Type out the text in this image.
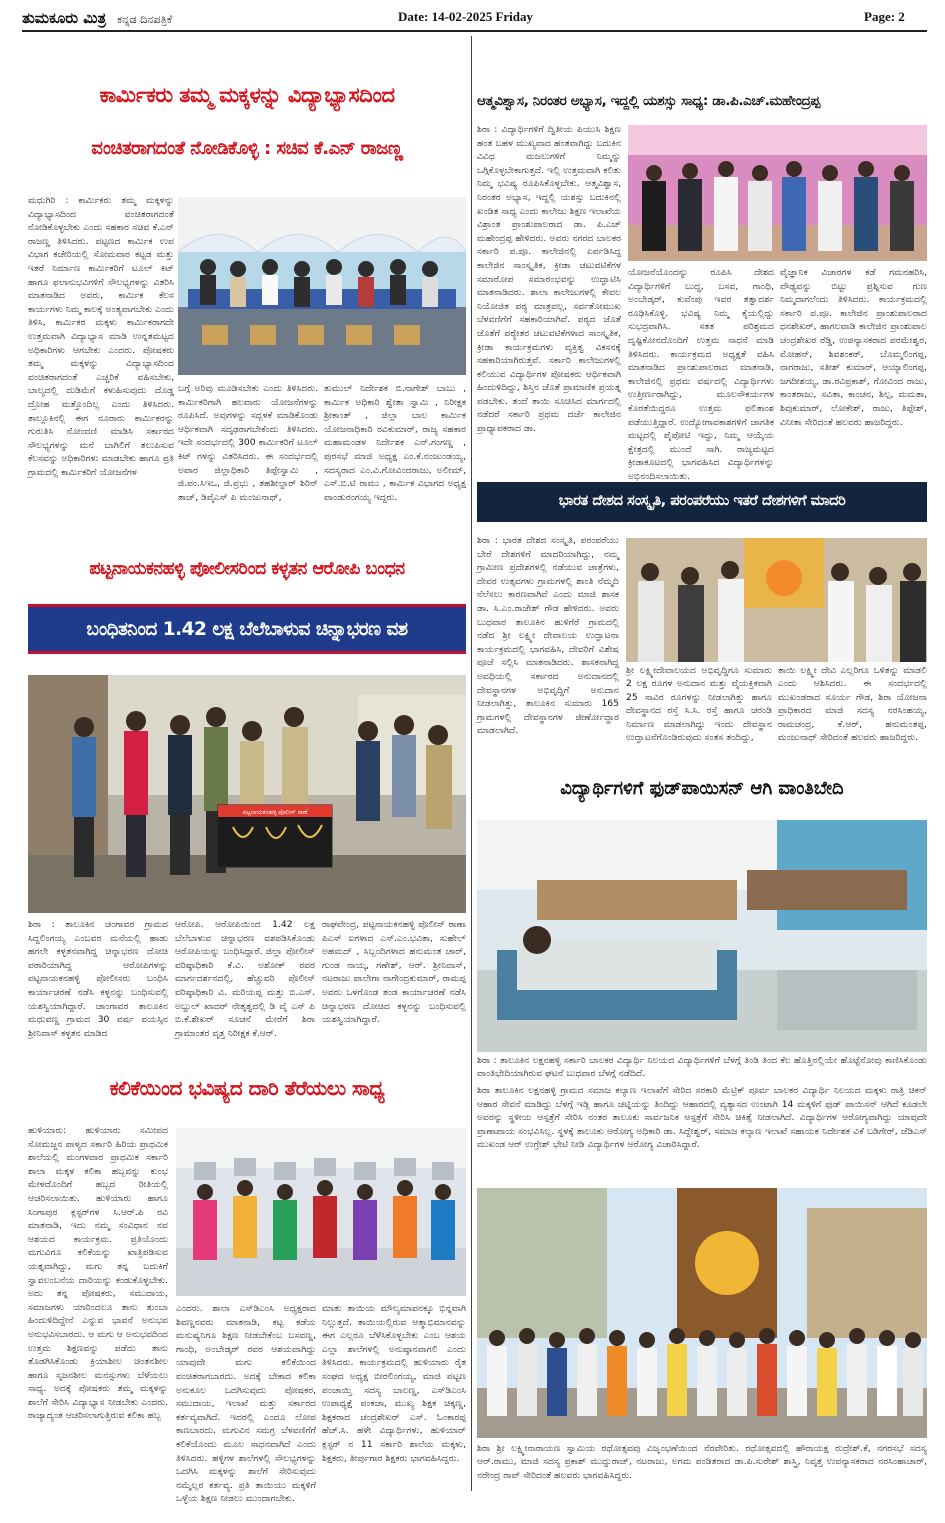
ತುಮಕೂರು ಮಿತ್ರ ಕನ್ನಡ ದಿನಪತ್ರಿಕೆ	Date: 14-02-2025 Friday	Page: 2
ಕಾರ್ಮಿಕರು ತಮ್ಮ ಮಕ್ಕಳನ್ನು ವಿದ್ಯಾಭ್ಯಾಸದಿಂದ
ವಂಚಿತರಾಗದಂತೆ ನೋಡಿಕೊಳ್ಳಿ : ಸಚಿವ ಕೆ.ಎನ್ ರಾಜಣ್ಣ
ಮಧುಗಿರಿ : ಕಾರ್ಮಿಕರು ತಮ್ಮ ಮಕ್ಕಳನ್ನು ವಿದ್ಯಾಭ್ಯಾಸದಿಂದ ವಂಚಿತರಾಗದಂತೆ ನೋಡಿಕೊಳ್ಳಬೇಕು ಎಂದು ಸಹಕಾರ ಸಚಿವ ಕೆ.ಎನ್ ರಾಜಣ್ಣ ತಿಳಿಸಿದರು. ಪಟ್ಟಣದ ಕಾರ್ಮಿಕ ಉಪ ವಿಭಾಗ ಕಚೇರಿಯಲ್ಲಿ ಸೋಮವಾರ ಕಟ್ಟಡ ಮತ್ತು ಇತರೆ ನಿರ್ಮಾಣ ಕಾರ್ಮಿಕರಿಗೆ ಟೂಲ್ ಕಿಟ್ ಹಾಗೂ ಫಲಾನುಭವಿಗಳಿಗೆ ಸೌಲಭ್ಯಗಳನ್ನು ವಿತರಿಸಿ ಮಾತನಾಡಿದ ಅವರು, ಕಾರ್ಮಿಕ ಕೆಲಸ ಕಾರ್ಯಗಳು ನಿಮ್ಮ ಕಾಲಕ್ಕೆ ಅಂತ್ಯವಾಗಬೇಕು ಎಂದು ತಿಳಿಸಿ, ಕಾರ್ಮಿಕರ ಮಕ್ಕಳು ಕಾರ್ಮಿಕರಾಗದೇ ಉತ್ತಮವಾಗಿ ವಿದ್ಯಾಭ್ಯಾಸ ಮಾಡಿ ಉನ್ನತಮಟ್ಟದ ಅಧಿಕಾರಿಗಳು ಆಗಬೇಕು ಎಂದರು. ಪೋಷಕರು ತಮ್ಮ ಮಕ್ಕಳನ್ನು ವಿದ್ಯಾಭ್ಯಾಸದಿಂದ ವಂಚಿತರಾಗದಂತೆ ಎಚ್ಚರಿಕೆ ವಹಿಸಬೇಕು, ಬಾಲ್ಯದಲ್ಲಿ ದುಡಿಮೆಗೆ ಕಳುಹಿಸುವುದು ದೊಡ್ಡ ದ್ರೋಹ ಮತ್ತೊಂದಿಲ್ಲ ಎಂದು ತಿಳಿಸಿದರು. ತಾಲ್ಲೂಕಿನಲ್ಲಿ ಈಗ ನೂರಾರು ಕಾರ್ಮಿಕರನ್ನು ಗುರುತಿಸಿ ನೋಂದಣಿ ಮಾಡಿಸಿ ಸರ್ಕಾರದ ಸೌಲಭ್ಯಗಳನ್ನು ಮನೆ ಬಾಗಿಲಿಗೆ ತಲುಪಿಸುವ ಕೆಲಸವನ್ನು ಅಧಿಕಾರಿಗಳು ಮಾಡಬೇಕು ಹಾಗೂ ಪ್ರತಿ ಗ್ರಾಮದಲ್ಲಿ ಕಾರ್ಮಿಕರಿಗೆ ಯೋಜನೆಗಳ
ಬಗ್ಗೆ ಅರಿವು ಮೂಡಿಸಬೇಕು ಎಂದು ತಿಳಿಸಿದರು. ಕಾರ್ಮಿಕರಿಗಾಗಿ ಹಲವಾರು ಯೋಜನೆಗಳನ್ನು ರೂಪಿಸಿದೆ. ಅವುಗಳನ್ನು ಸದ್ಬಳಕೆ ಮಾಡಿಕೊಂಡು ಆರ್ಥಿಕವಾಗಿ ಸದೃಢರಾಗಬೇಕೆಂದು ತಿಳಿಸಿದರು. ಇದೇ ಸಂದರ್ಭದಲ್ಲಿ 300 ಕಾರ್ಮಿಕರಿಗೆ ಟೂಲ್ ಕಿಟ್ ಗಳನ್ನು ವಿತರಿಸಿದರು. ಈ ಸಂದರ್ಭದಲ್ಲಿ ಅಪಾರ ಜಿಲ್ಲಾಧಿಕಾರಿ ತಿಪ್ಪೇಸ್ವಾಮಿ , ಜಿ.ಪಂ.ಸಿಇಒ, ಜಿ.ಪ್ರಭು , ತಹಶೀಲ್ದಾರ್ ಶಿರಿನ್ ತಾಜ್, ಡಿವೈಎಸ್ ಪಿ ಮಂಜುನಾಥ್,
ತುಮುಲ್ ನಿರ್ದೇಶಕ ಬಿ.ನಾಗೇಶ್ ಬಾಬು , ಕಾರ್ಮಿಕ ಅಧಿಕಾರಿ ಶ್ವೇತಾ ಸ್ವಾಮಿ , ನಿರೀಕ್ಷಕ ಶ್ರೀಕಾಂತ್ , ಜಿಲ್ಲಾ ಬಾಲ ಕಾರ್ಮಿಕ ಯೋಜನಾಧಿಕಾರಿ ರವಿಕುಮಾರ್, ರಾಜ್ಯ ಸಹಕಾರ ಮಹಾಮಂಡಳ ನಿರ್ದೇಶಕ ಎನ್.ಗಂಗಣ್ಣ , ಪುರಸಭೆ ಮಾಜಿ ಅಧ್ಯಕ್ಷ ಎಂ.ಕೆ.ನಂಜುಂಡಯ್ಯ, ಸದಸ್ಯರಾದ ಎಂ.ವಿ.ಗೋವಿಂದರಾಜು, ಅಲೀಮ್, ಎಸ್.ಬಿ.ಟಿ ರಾಮು , ಕಾರ್ಮಿಕ ವಿಭಾಗದ ಅಧ್ಯಕ್ಷ ಪಾಂಡುರಂಗಯ್ಯ ಇದ್ದರು.
ಪಟ್ಟನಾಯಕನಹಳ್ಳಿ ಪೋಲೀಸರಿಂದ ಕಳ್ಳತನ ಆರೋಪಿ ಬಂಧನ
ಬಂಧಿತನಿಂದ 1.42 ಲಕ್ಷ ಬೆಲೆಬಾಳುವ ಚಿನ್ನಾಭರಣ ವಶ
ಪಟ್ಟನಾಯಕನಹಳ್ಳಿ ಪೊಲೀಸ್ ಠಾಣೆ
ಶಿರಾ : ತಾಲೂಕಿನ ಚಂಗಾವರ ಗ್ರಾಮದ ಸಿದ್ದಲಿಂಗಯ್ಯ ಎಂಬವರ ಮನೆಯಲ್ಲಿ ಹಾಡು ಹಗಲೇ ಕಳ್ಳತನವಾಗಿದ್ದ ಚಿನ್ನಾಭರಣ ದೋಚಿ ಪರಾರಿಯಾಗಿದ್ದ ಆರೋಪಿಗಳನ್ನು ಪಟ್ಟನಾಯಕನಹಳ್ಳಿ ಪೋಲೀಸರು ಬಂಧಿಸಿ ಕಾರ್ಯಾಚರಣೆ ನಡೆಸಿ ಕಳ್ಳನನ್ನು ಬಂಧಿಸುವಲ್ಲಿ ಯಶಸ್ವಿಯಾಗಿದ್ದಾರೆ. ಚಾಂಗಾವರ ತಾಲೂಕಿನ ಮಧುವಣ್ಣ ಗ್ರಾಮದ 30 ವರ್ಷ ವಯಸ್ಸಿನ ಶ್ರೀನಿವಾಸ್ ಕಳ್ಳತನ ಮಾಡಿದ
ಆರೋಪಿ. ಆರೋಪಿಯಿಂದ 1.42 ಲಕ್ಷ ಬೆಲೆಬಾಳುವ ಚಿನ್ನಾಭರಣ ವಶಪಡಿಸಿಕೊಂಡು ಆರೋಪಿಯನ್ನು ಬಂಧಿಸಿದ್ದಾರೆ. ಜಿಲ್ಲಾ ಪೋಲೀಸ್ ವರಿಷ್ಠಾಧಿಕಾರಿ ಕೆ.ವಿ. ಅಶೋಕ್ ರವರ ಮಾರ್ಗದರ್ಶನದಲ್ಲಿ, ಹೆಚ್ಚುವರಿ ಪೊಲೀಸ್ ವರಿಷ್ಠಾಧಿಕಾರಿ ವಿ. ಮರಿಯಪ್ಪ ಮತ್ತು ಬಿ.ಎಸ್. ಅಬ್ದುಲ್ ಖಾದರ್ ನೇತೃತ್ವದಲ್ಲಿ ಡಿ ವೈ ಎಸ್ ಪಿ ಬಿ.ಕೆ.ಶೇಖರ್ ಸೂಚನೆ ಮೇರೆಗೆ ಶಿರಾ ಗ್ರಾಮಾಂತರ ವೃತ್ತ ನಿರೀಕ್ಷಕ ಕೆ.ಆರ್.
ರಾಘವೇಂದ್ರ, ಪಟ್ಟನಾಯಕನಹಳ್ಳಿ ಪೊಲೀಸ್ ಠಾಣಾ ಪಿಎಸ್ ಐಗಳಾದ ಎಸ್.ಎಂ.ಭವಿತಾ, ಸುಹೇಲ್ ಅಹಮದ್ , ಸಿಬ್ಬಂದಿಗಳಾದ ಹನುಮಂತ ಚಾರ್, ಗುಂಡ ನಾಯ್ಕ, ಗಣೇಶ್, ಆರ್. ಶ್ರೀನಿವಾಸ್, ನಟರಾಜು ಪಾಲೇಗಾ ನಾಗೇಂದ್ರಕುಮಾರ್, ರಾಮಪ್ಪ ಅವರು ಒಳಗೊಂಡ ತಂಡ ಕಾರ್ಯಾಚರಣೆ ನಡೆಸಿ ಚಿನ್ನಾಭರಣ ದೋಚಿದ ಕಳ್ಳನನ್ನು ಬಂಧಿಸುವಲ್ಲಿ ಯಶಸ್ವಿಯಾಗಿದ್ದಾರೆ.
ಕಲಿಕೆಯಿಂದ ಭವಿಷ್ಯದ ದಾರಿ ತೆರೆಯಲು ಸಾಧ್ಯ
ಹುಳಿಯಾರು: ಹುಳಿಯಾರು ಸಮೀಪದ ಸೋಮಜ್ಜನ ಪಾಳ್ಯದ ಸರ್ಕಾರಿ ಹಿರಿಯ ಪ್ರಾಥಮಿಕ ಶಾಲೆಯಲ್ಲಿ ಮಂಗಳವಾರ ಪ್ರಾಥಮಿಕ ಸರ್ಕಾರಿ ಶಾಲಾ ಮಕ್ಕಳ ಕಲಿಕಾ ಹಬ್ಬವನ್ನು ಕುಂಭ ಮೇಳದೊಂದಿಗೆ ಹಬ್ಬದ ರೀತಿಯಲ್ಲಿ ಆಚರಿಸಲಾಯಿತು. ಹುಳಿಯಾರು ಹಾಗೂ ಸಿಂಗಾಪುರ ಕ್ಲಸ್ಟರ್‌ಗಳ ಸಿ.ಆರ್.ಪಿ ರವಿ ಮಾತನಾಡಿ, ಇದು ನಮ್ಮ ಸಂವಿಧಾನ ನವ ಆಶಯದ ಕಾರ್ಯಕ್ರಮ. ಪ್ರತಿಯೊಂದು ಮಗುವಿಗೂ ಕಲಿಕೆಯನ್ನು ಖಾತ್ರಿಪಡಿಸುವ ಯತ್ನವಾಗಿದ್ದು, ಮಗು ತನ್ನ ಬದುಕಿಗೆ ಸ್ವಾವಲಂಬನೆಯ ದಾರಿಯನ್ನು ಕಂಡುಕೊಳ್ಳಬೇಕು. ಅದು ತನ್ನ ಪೋಷಕರು, ಸಮುದಾಯ, ಸಮಾಜಗಳು ಯಾರಿಂದಲೂ ತಾನು ತುಂಬಾ ಹಿಂದುಳಿದಿದ್ದೇನೆ ಎನ್ನುವ ಭಾವನೆ ಅನುಭವ ಅನುಭವಿಸಬಾರದು. ಆ ಮಗು ಆ ಅನುಭವದಿಂದ ಉತ್ತಮ ಶಿಕ್ಷಣವನ್ನು ಪಡೆದು ತಾನು ತೊಡಗಿಸಿಕೊಂಡು ಕ್ರಿಯಾಶೀಲ ಚಿಂತನಶೀಲ ಹಾಗೂ ಸೃಜನಶೀಲ ಮನಸ್ಸುಗಳು ಬೆಳೆಯಲು ಸಾಧ್ಯ. ಅದಕ್ಕೆ ಪೋಷಕರು ತಮ್ಮ ಮಕ್ಕಳನ್ನು ಶಾಲೆಗೆ ಸೇರಿಸಿ ವಿದ್ಯಾಭ್ಯಾಸ ನೀಡಬೇಕು ಎಂದರು. ರಾಜ್ಯಾದ್ಯಂತ ಆಚರಿಸಲಾಗುತ್ತಿರುವ ಕಲಿಕಾ ಹಬ್ಬ
ಎಂದರು. ಶಾಲಾ ಎಸ್‌ಡಿಎಂಸಿ ಅಧ್ಯಕ್ಷರಾದ ಶಿವಣ್ಣನವರು ಮಾತನಾಡಿ, ಕಟ್ಟ ಕಡೆಯ ಮನುಷ್ಯನಿಗೂ ಶಿಕ್ಷಣ ನೀಡಬೇಕೆಂಬ ಬಸವಣ್ಣ, ಗಾಂಧಿ, ಅಂಬೇಡ್ಕರ್ ರವರ ಆಶಯವಾಗಿದ್ದು ಯಾವುದೇ ಮಗು ಕಲಿಕೆಯಿಂದ ವಂಚಿತರಾಗಬಾರದು. ಅದಕ್ಕೆ ಬೇಕಾದ ಕಲಿಕಾ ಅನುಕೂಲ ಒದಗಿಸುವುದು ಪೋಷಕರ, ಸಮುದಾಯ, ಇಲಾಖೆ ಮತ್ತು ಸರ್ಕಾರದ ಕರ್ತವ್ಯವಾಗಿದೆ. ಇದರಲ್ಲಿ ಎಂದೂ ಲೋಪ ಕಾಣಬಾರದು. ಮಗುವಿನ ಸಮಗ್ರ ಬೆಳವಣಿಗೆಗೆ ಕಲಿಕೆಯೊಂದು ಮೂಲ ಸಾಧನವಾಗಿದೆ ಎಂದು ತಿಳಿಸಿದರು. ಹಳ್ಳಿಗಳ ಶಾಲೆಗಳಲ್ಲಿ ಸೌಲಭ್ಯಗಳನ್ನು ಒದಗಿಸಿ ಮಕ್ಕಳನ್ನು ಶಾಲೆಗೆ ಸೇರಿಸುವುದು ನಮ್ಮೆಲ್ಲರ ಕರ್ತವ್ಯ. ಪ್ರತಿ ತಾಯಿಯು ಮಕ್ಕಳಿಗೆ ಒಳ್ಳೆಯ ಶಿಕ್ಷಣ ನೀಡಲು ಮುಂದಾಗಬೇಕು.
ಮಾತು ತಾಯಿಯ ಮೌಲ್ಯಮಾಪನಕ್ಕೂ ಭಿನ್ನವಾಗಿ ನಿಲ್ಲುತ್ತದೆ. ತಾಯಿಯಲ್ಲಿರುವ ಆತ್ಮಾಭಿಮಾನವನ್ನು ಈಗ ಎಲ್ಲರೂ ಬೆಳೆಸಿಕೊಳ್ಳಬೇಕು ಎಂಬ ಆಶಯ ಎಲ್ಲಾ ಶಾಲೆಗಳಲ್ಲಿ ಅನುಷ್ಠಾನವಾಗಲಿ ಎಂದು ತಿಳಿಸಿದರು. ಕಾರ್ಯಕ್ರಮದಲ್ಲಿ ಹುಳಿಯಾರು ರೈತ ಸಂಘದ ಅಧ್ಯಕ್ಷ ಬೀರಲಿಂಗಯ್ಯ, ಮಾಜಿ ಪಟ್ಟಣ ಪಂಚಾಯ್ತಿ ಸದಸ್ಯ ಬಾಲಣ್ಣ, ಎಸ್‌ಡಿಎಂಸಿ ಉಪಾಧ್ಯಕ್ಷೆ ಪಂಕಜಾ, ಮುಖ್ಯ ಶಿಕ್ಷಕ ಚಿಕ್ಕಣ್ಣ, ಶಿಕ್ಷಕರಾದ ಚಂದ್ರಶೇಖರ್ ಎಸ್. ಓಂಕಾರಪ್ಪ ಹೆಚ್.ಸಿ. ಹಳೇ ವಿದ್ಯಾರ್ಥಿಗಳು, ಹುಳಿಯಾರ್ ಕ್ಲಸ್ಟರ್ ನ 11 ಸರ್ಕಾರಿ ಶಾಲೆಯ ಮಕ್ಕಳು, ಶಿಕ್ಷಕರು, ತೀರ್ಪುಗಾರ ಶಿಕ್ಷಕರು ಭಾಗವಹಿಸಿದ್ದರು.
ಆತ್ಮವಿಶ್ವಾಸ, ನಿರಂತರ ಅಭ್ಯಾಸ, ಇದ್ದಲ್ಲಿ ಯಶಸ್ಸು ಸಾಧ್ಯ: ಡಾ.ಪಿ.ಎಚ್.ಮಹೇಂದ್ರಪ್ಪ
ಶಿರಾ : ವಿದ್ಯಾರ್ಥಿಗಳಿಗೆ ದ್ವಿತೀಯ ಪಿಯುಸಿ ಶಿಕ್ಷಣ ಹಂತ ಬಹಳ ಮುಖ್ಯವಾದ ಹಂತವಾಗಿದ್ದು ಬದುಕಿನ ವಿವಿಧ ಮಜಲುಗಳಿಗೆ ನಿಮ್ಮನ್ನು ಒಗ್ಗಿಕೊಳ್ಳಬೇಕಾಗುತ್ತದೆ. ಇಲ್ಲಿ ಉತ್ತಮವಾಗಿ ಕಲಿತು ನಿಮ್ಮ ಭವಿಷ್ಯ ರೂಪಿಸಿಕೊಳ್ಳಬೇಕು. ಆತ್ಮವಿಶ್ವಾಸ, ನಿರಂತರ ಅಭ್ಯಾಸ, ಇದ್ದಲ್ಲಿ ಯಶಸ್ಸು ಬದುಕಿನಲ್ಲಿ ಖಂಡಿತ ಸಾಧ್ಯ ಎಂದು ಕಾಲೇಜು ಶಿಕ್ಷಣ ಇಲಾಖೆಯ ವಿಶ್ರಾಂತ ಪ್ರಾಂಶುಪಾಲರಾದ ಡಾ. ಪಿ.ಎಚ್ ಮಹೇಂದ್ರಪ್ಪ ಹೇಳಿದರು. ಅವರು ನಗರದ ಬಾಲಕರ ಸರ್ಕಾರಿ ಪ.ಪೂ. ಕಾಲೇಜಿನಲ್ಲಿ ಏರ್ಪಡಿಸಿದ್ದ ಕಾಲೇಜಿನ ಸಾಂಸ್ಕೃತಿಕ, ಕ್ರೀಡಾ ಚಟುವಟಿಕೆಗಳ ಸಮಾರೋಪ ಸಮಾರಂಭವನ್ನು ಉದ್ಘಾಟಿಸಿ ಮಾತನಾಡಿದರು. ಶಾಲಾ ಕಾಲೇಜುಗಳಲ್ಲಿ ಕೇವಲ ನಿಯೋಜಿತ ಪಠ್ಯ ಮಾತ್ರವಲ್ಲ, ಸರ್ವತೋಮುಖ ಬೆಳವಣಿಗೆಗೆ ಸಹಕಾರಿಯಾಗಿವೆ. ಪಠ್ಯದ ಜೊತೆ ಜೊತೆಗೆ ಪಠ್ಯೇತರ ಚಟುವಟಿಕೆಗಳಾದ ಸಾಂಸ್ಕೃತಿಕ, ಕ್ರೀಡಾ ಕಾರ್ಯಕ್ರಮಗಳು ವ್ಯಕ್ತಿತ್ವ ವಿಕಸನಕ್ಕೆ ಸಹಕಾರಿಯಾಗಿರುತ್ತವೆ. ಸರ್ಕಾರಿ ಕಾಲೇಜುಗಳಲ್ಲಿ ಕಲಿಯುವ ವಿದ್ಯಾರ್ಥಿಗಳ ಪೋಷಕರು ಆರ್ಥಿಕವಾಗಿ ಹಿಂದುಳಿದಿದ್ದು, ಶಿಸ್ತಿನ ಜೊತೆ ಪ್ರಾಮಾಣಿಕ ಪ್ರಯತ್ನ ಪಡಬೇಕು. ತಂದೆ ತಾಯಿ ಸೂಚಿಸಿದ ಮಾರ್ಗದಲ್ಲಿ ನಡೆದರೆ ಸರ್ಕಾರಿ ಪ್ರಥಮ ದರ್ಜೆ ಕಾಲೇಜಿನ ಪ್ರಾಧ್ಯಾಪಕರಾದ ಡಾ.
ಯೋಜನೆಯೊಂದನ್ನು ರೂಪಿಸಿ ದೇಶದ ವಿದ್ಯಾರ್ಥಿಗಳಿಗೆ ಬುದ್ಧ, ಬಸವ, ಗಾಂಧಿ, ಅಂಬೇಡ್ಕರ್, ಕುವೆಂಪು ಇವರ ತತ್ವಾದರ್ಶ ರೂಢಿಸಿಕೊಳ್ಳಿ. ಭವಿಷ್ಯ ನಿಮ್ಮ ಕೈಯಲ್ಲಿದ್ದು ಸುಭದ್ರವಾಗಿಸಿ. ಸತತ ಪರಿಶ್ರಮದ ದೃಷ್ಟಿಕೋನದೊಂದಿಗೆ ಉತ್ತಮ ಸಾಧನೆ ಮಾಡಿ ತಿಳಿಸಿದರು. ಕಾರ್ಯಕ್ರಮದ ಅಧ್ಯಕ್ಷತೆ ವಹಿಸಿ ಮಾತನಾಡಿದ ಪ್ರಾಂಶುಪಾಲರಾದ ಮಾತನಾಡಿ, ಕಾಲೇಜಿನಲ್ಲಿ ಪ್ರಥಮ ವರ್ಷದಲ್ಲಿ ವಿದ್ಯಾರ್ಥಿಗಳು ಉತ್ತೀರ್ಣರಾಗಿದ್ದು, ಮೂಲಸೌಕರ್ಯಗಳ ಕೊರತೆಯಿದ್ದರೂ ಉತ್ತಮ ಫಲಿತಾಂಶ ಪಡೆಯುತ್ತಿದ್ದಾರೆ. ಉದ್ಯೋಗಾವಕಾಶಗಳಿಗೆ ಜಾಗತಿಕ ಮಟ್ಟದಲ್ಲಿ ಪೈಪೋಟಿ ಇದ್ದು, ನಿಮ್ಮ ಆಯ್ಕೆಯ ಕ್ಷೇತ್ರದಲ್ಲಿ ಮುಂದೆ ಸಾಗಿ. ರಾಜ್ಯಮಟ್ಟದ ಕ್ರೀಡಾಕೂಟದಲ್ಲಿ ಭಾಗವಹಿಸಿದ ವಿದ್ಯಾರ್ಥಿಗಳನ್ನು ಅಭಿನಂದಿಸಲಾಯಿತು.
ವೈಜ್ಞಾನಿಕ ವಿಚಾರಗಳ ಕಡೆ ಗಮನಹರಿಸಿ, ವೌಢ್ಯವನ್ನು ಬಿಟ್ಟು ಪ್ರಶ್ನಿಸುವ ಗುಣ ನಿಮ್ಮದಾಗಲೆಂದು ತಿಳಿಸಿದರು. ಕಾರ್ಯಕ್ರಮದಲ್ಲಿ ಸರ್ಕಾರಿ ಪ.ಪೂ. ಕಾಲೇಜಿನ ಪ್ರಾಂಶುಪಾಲರಾದ ಧನಶೇಖರ್, ಹಾಗಲವಾಡಿ ಕಾಲೇಜಿನ ಪ್ರಾಂಶುಪಾಲ ಚಂದ್ರಶೇಖರ ರೆಡ್ಡಿ, ಉಪನ್ಯಾಸಕರಾದ ಪರಮೇಶ್ವರ, ಮೋಹನ್, ಶಿವಶಂಕರ್, ಬೊಮ್ಮಲಿಂಗಪ್ಪ, ನಾಗರಾಜು, ಸತೀಶ್ ಕುಮಾರ್, ಆಯ್ಯಾಲಿಂಗಪ್ಪ, ಜಗದೀಶಯ್ಯ, ಡಾ.ರವಿಪ್ರಕಾಶ್, ಗೋವಿಂದ ರಾಜು, ಕಾಂತರಾಜು, ಸವಿತಾ, ಕಾಂಚನ, ಶಿಲ್ಪ, ಮಮತಾ, ಶಿವುಕುಮಾರ್, ಲೋಕೇಶ್, ರಾಜು, ತಿಪ್ಪೇಶ್, ವಿನೀತಾ ಸೇರಿದಂತೆ ಹಲವರು ಹಾಜರಿದ್ದರು.
ಭಾರತ ದೇಶದ ಸಂಸ್ಕೃತಿ, ಪರಂಪರೆಯು ಇತರೆ ದೇಶಗಳಿಗೆ ಮಾದರಿ
ಶಿರಾ : ಭಾರತ ದೇಶದ ಸಂಸ್ಕೃತಿ, ಪರಂಪರೆಯು ಬೇರೆ ದೇಶಗಳಿಗೆ ಮಾದರಿಯಾಗಿದ್ದು, ನಮ್ಮ ಗ್ರಾಮೀಣ ಪ್ರದೇಶಗಳಲ್ಲಿ ನಡೆಯುವ ಜಾತ್ರೆಗಳು, ದೇವರ ಉತ್ಸವಗಳು ಗ್ರಾಮಗಳಲ್ಲಿ ಶಾಂತಿ ನೆಮ್ಮದಿ ನೆಲೆಸಲು ಕಾರಣವಾಗಿವೆ ಎಂದು ಮಾಜಿ ಶಾಸಕ ಡಾ. ಸಿ.ಎಂ.ರಾಜೇಶ್ ಗೌಡ ಹೇಳಿದರು. ಅವರು ಬುಧವಾರ ತಾಲೂಕಿನ ಹುಳಿಗೆರೆ ಗ್ರಾಮದಲ್ಲಿ ನಡೆದ ಶ್ರೀ ಲಕ್ಷ್ಮೀ ದೇವಾಲಯ ಉದ್ಘಾಟನಾ ಕಾರ್ಯಕ್ರಮದಲ್ಲಿ ಭಾಗವಹಿಸಿ, ದೇವರಿಗೆ ವಿಶೇಷ ಪೂಜೆ ಸಲ್ಲಿಸಿ ಮಾತನಾಡಿದರು. ಶಾಸಕನಾಗಿದ್ದ ಅವಧಿಯಲ್ಲಿ ಸರ್ಕಾರದ ಅನುದಾನದಲ್ಲಿ ದೇವಸ್ಥಾನಗಳ ಅಭಿವೃದ್ಧಿಗೆ ಅನುದಾನ ನೀಡಲಾಗಿತ್ತು, ತಾಲೂಕಿನ ಸುಮಾರು 165 ಗ್ರಾಮಗಳಲ್ಲಿ ದೇವಸ್ಥಾನಗಳ ಜೀರ್ಣೋದ್ಧಾರ ಮಾಡಲಾಗಿದೆ.
ಶ್ರೀ ಲಕ್ಷ್ಮೀದೇವಾಲಯದ ಅಭಿವೃದ್ಧಿಗೂ ಸುಮಾರು 2 ಲಕ್ಷ ರೂಗಳ ಅನುದಾನ ಮತ್ತು ವೈಯಕ್ತಿಕವಾಗಿ 25 ಸಾವಿರ ರೂಗಳನ್ನು ನೀಡಲಾಗಿತ್ತು ಹಾಗೂ ದೇವಸ್ಥಾನದ ರಸ್ತೆ ಸಿ.ಸಿ. ರಸ್ತೆ ಹಾಗೂ ಚರಂಡಿ ನಿರ್ಮಾಣ ಮಾಡಲಾಗಿದ್ದು ಇಂದು ದೇವಸ್ಥಾನ ಉದ್ಘಾಟನೆಗೊಂಡಿರುವುದು ಸಂತಸ ತಂದಿದ್ದು,
ತಾಯಿ ಲಕ್ಷ್ಮೀ ದೇವಿ ಎಲ್ಲರಿಗೂ ಒಳಿತನ್ನು ಮಾಡಲಿ ಎಂದು ಆಶಿಸಿದರು. ಈ ಸಂದರ್ಭದಲ್ಲಿ ಮುಖಂಡರಾದ ಸೂರ್ಯ ಗೌಡ, ಶಿರಾ ಯೋಜನಾ ಪ್ರಾಧಿಕಾರದ ಮಾಜಿ ಸದಸ್ಯ ನರಸಿಂಹಯ್ಯ, ರಾಮಚಂದ್ರ, ಕೆ.ಆರ್, ಹನುಮಂತಪ್ಪ, ಮಂಜುನಾಥ್ ಸೇರಿದಂತೆ ಹಲವರು ಹಾಜರಿದ್ದರು.
ವಿದ್ಯಾರ್ಥಿಗಳಿಗೆ ಫುಡ್‌ಪಾಯಿಸನ್ ಆಗಿ ವಾಂತಿಬೇದಿ
ಶಿರಾ : ತಾಲೂಕಿನ ಲಕ್ಷನಹಳ್ಳಿ ಸರ್ಕಾರಿ ಬಾಲಕರ ವಿದ್ಯಾರ್ಥಿ ನಿಲಯದ ವಿದ್ಯಾರ್ಥಿಗಳಿಗೆ ಬೆಳಗ್ಗೆ ತಿಂಡಿ ತಿಂದ ಕೆಲ ಹೊತ್ತಿನಲ್ಲಿಯೇ ಹೊಟ್ಟೆನೋವು ಕಾಣಿಸಿಕೊಂಡು ವಾಂತಿಭೇದಿಯಾಗಿರುವ ಘಟನೆ ಬುಧವಾರ ಬೆಳಗ್ಗೆ ನಡೆದಿದೆ.
ಶಿರಾ ತಾಲೂಕಿನ ಲಕ್ಷನಹಳ್ಳಿ ಗ್ರಾಮದ ಸಮಾಜ ಕಲ್ಯಾಣ ಇಲಾಖೆಗೆ ಸೇರಿದ ಸರಕಾರಿ ಮೆಟ್ರಿಕ್ ಪೂರ್ವ ಬಾಲಕರ ವಿದ್ಯಾರ್ಥಿ ನಿಲಯದ ಮಕ್ಕಳು ರಾತ್ರಿ ಚಿಕನ್ ಆಹಾರ ಸೇವನೆ ಮಾಡಿದ್ದು ಬೆಳಗ್ಗೆ ಇಡ್ಲಿ ಹಾಗೂ ಚಟ್ನಿಯನ್ನು ತಿಂದಿದ್ದು ಆಹಾರದಲ್ಲಿ ವ್ಯತ್ಯಾಸದ ಉಂಟಾಗಿ 14 ಮಕ್ಕಳಿಗೆ ಫುಡ್ ಪಾಯಿಸನ್ ಆಗಿದೆ ಕೂಡಲೇ ಅವರನ್ನು ಸ್ಥಳೀಯ ಆಸ್ಪತ್ರೆಗೆ ಸೇರಿಸಿ ನಂತರ ತಾಲೂಕು ಸಾರ್ವಜನಿಕ ಆಸ್ಪತ್ರೆಗೆ ಸೇರಿಸಿ ಚಿಕಿತ್ಸೆ ನೀಡಲಾಗಿದೆ. ವಿದ್ಯಾರ್ಥಿಗಳ ಆರೋಗ್ಯವಾಗಿದ್ದು ಯಾವುದೇ ಪ್ರಾಣಾಪಾಯ ಸಂಭವಿಸಿಲ್ಲ. ಸ್ಥಳಕ್ಕೆ ತಾಲೂಕು ಆರೋಗ್ಯ ಅಧಿಕಾರಿ ಡಾ. ಸಿದ್ದೇಶ್ವರ್, ಸಮಾಜ ಕಲ್ಯಾಣ ಇಲಾಖೆ ಸಹಾಯಕ ನಿರ್ದೇಶಕ ವಿಕೆ ಬಡಿಗೇರ್, ಜೆಡಿಎಸ್ ಮುಖಂಡ ಆರ್ ಉಗ್ರೇಶ್ ಭೇಟಿ ನೀಡಿ ವಿದ್ಯಾರ್ಥಿಗಳ ಆರೋಗ್ಯ ವಿಚಾರಿಸಿದ್ದಾರೆ.
ಶಿರಾ ಶ್ರೀ ಲಕ್ಷ್ಮೀನಾರಾಯಣ ಸ್ವಾಮಿಯ ರಥೋತ್ಸವವು ವಿಜೃಂಭಣೆಯಿಂದ ನೆರವೇರಿತು. ರಥೋತ್ಸವದಲ್ಲಿ ಹೌರಾಯಕ್ಷ ರುದ್ರೇಶ್.ಕೆ, ನಗರಸಭೆ ಸದಸ್ಯ ಆರ್.ರಾಮು, ಮಾಜಿ ಸದಸ್ಯ ಪ್ರಕಾಶ್ ಮುದ್ದುರಾಜ್, ನಟರಾಜು, ಅಗಮ ಪಂಡಿತರಾದ ಡಾ.ಪಿ.ಸುರೇಶ್ ಶಾಸ್ತ್ರಿ, ನಿವೃತ್ತ ಉಪನ್ಯಾಸಕರಾದ ನರಸಿಂಹಾಚಾರ್, ನರೇಂದ್ರ ರಾವ್ ಸೇರಿದಂತೆ ಹಲವರು ಭಾಗವಹಿಸಿದ್ದರು.
